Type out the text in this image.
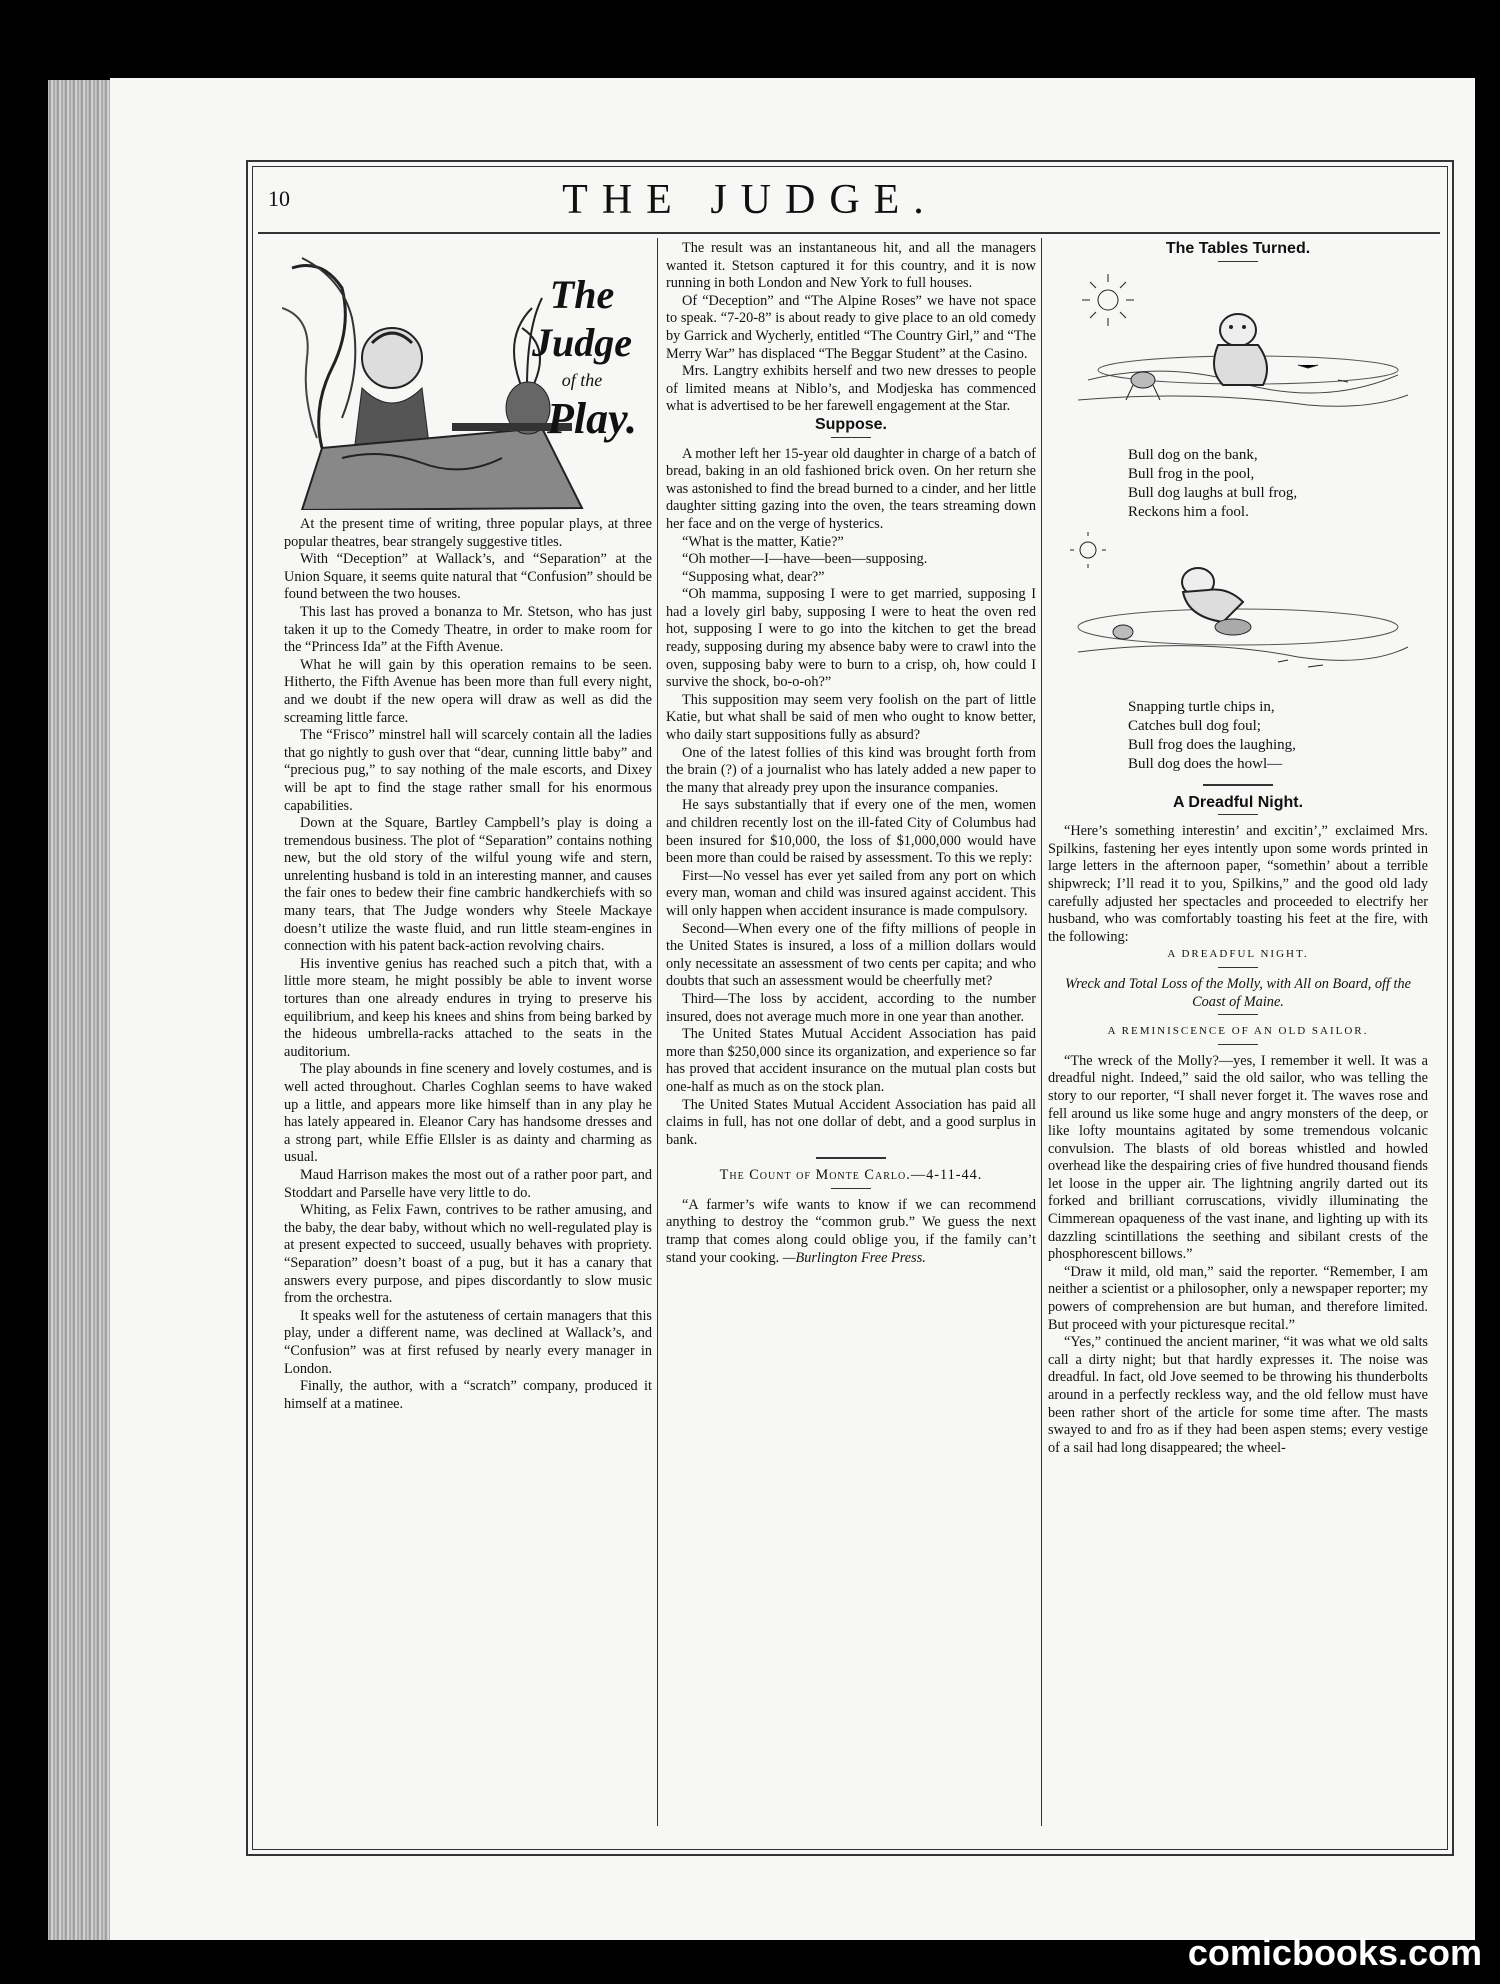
10	THE JUDGE.
The
Judge
of the
Play.

At the present time of writing, three popular plays, at three popular theatres, bear strangely suggestive titles.

With “Deception” at Wallack’s, and “Separation” at the Union Square, it seems quite natural that “Confusion” should be found between the two houses.

This last has proved a bonanza to Mr. Stetson, who has just taken it up to the Comedy Theatre, in order to make room for the “Princess Ida” at the Fifth Avenue.

What he will gain by this operation remains to be seen. Hitherto, the Fifth Avenue has been more than full every night, and we doubt if the new opera will draw as well as did the screaming little farce.

The “Frisco” minstrel hall will scarcely contain all the ladies that go nightly to gush over that “dear, cunning little baby” and “precious pug,” to say nothing of the male escorts, and Dixey will be apt to find the stage rather small for his enormous capabilities.

Down at the Square, Bartley Campbell’s play is doing a tremendous business. The plot of “Separation” contains nothing new, but the old story of the wilful young wife and stern, unrelenting husband is told in an interesting manner, and causes the fair ones to bedew their fine cambric handkerchiefs with so many tears, that The Judge wonders why Steele Mackaye doesn’t utilize the waste fluid, and run little steam-engines in connection with his patent back-action revolving chairs.

His inventive genius has reached such a pitch that, with a little more steam, he might possibly be able to invent worse tortures than one already endures in trying to preserve his equilibrium, and keep his knees and shins from being barked by the hideous umbrella-racks attached to the seats in the auditorium.

The play abounds in fine scenery and lovely costumes, and is well acted throughout. Charles Coghlan seems to have waked up a little, and appears more like himself than in any play he has lately appeared in. Eleanor Cary has handsome dresses and a strong part, while Effie Ellsler is as dainty and charming as usual.

Maud Harrison makes the most out of a rather poor part, and Stoddart and Parselle have very little to do.

Whiting, as Felix Fawn, contrives to be rather amusing, and the baby, the dear baby, without which no well-regulated play is at present expected to succeed, usually behaves with propriety. “Separation” doesn’t boast of a pug, but it has a canary that answers every purpose, and pipes discordantly to slow music from the orchestra.

It speaks well for the astuteness of certain managers that this play, under a different name, was declined at Wallack’s, and “Confusion” was at first refused by nearly every manager in London.

Finally, the author, with a “scratch” company, produced it himself at a matinee.

The result was an instantaneous hit, and all the managers wanted it. Stetson captured it for this country, and it is now running in both London and New York to full houses.

Of “Deception” and “The Alpine Roses” we have not space to speak. “7-20-8” is about ready to give place to an old comedy by Garrick and Wycherly, entitled “The Country Girl,” and “The Merry War” has displaced “The Beggar Student” at the Casino.

Mrs. Langtry exhibits herself and two new dresses to people of limited means at Niblo’s, and Modjeska has commenced what is advertised to be her farewell engagement at the Star.

Suppose.

A mother left her 15-year old daughter in charge of a batch of bread, baking in an old fashioned brick oven. On her return she was astonished to find the bread burned to a cinder, and her little daughter sitting gazing into the oven, the tears streaming down her face and on the verge of hysterics.

“What is the matter, Katie?”

“Oh mother—I—have—been—supposing.

“Supposing what, dear?”

“Oh mamma, supposing I were to get married, supposing I had a lovely girl baby, supposing I were to heat the oven red hot, supposing I were to go into the kitchen to get the bread ready, supposing during my absence baby were to crawl into the oven, supposing baby were to burn to a crisp, oh, how could I survive the shock, bo-o-oh?”

This supposition may seem very foolish on the part of little Katie, but what shall be said of men who ought to know better, who daily start suppositions fully as absurd?

One of the latest follies of this kind was brought forth from the brain (?) of a journalist who has lately added a new paper to the many that already prey upon the insurance companies.

He says substantially that if every one of the men, women and children recently lost on the ill-fated City of Columbus had been insured for $10,000, the loss of $1,000,000 would have been more than could be raised by assessment. To this we reply:

First—No vessel has ever yet sailed from any port on which every man, woman and child was insured against accident. This will only happen when accident insurance is made compulsory.

Second—When every one of the fifty millions of people in the United States is insured, a loss of a million dollars would only necessitate an assessment of two cents per capita; and who doubts that such an assessment would be cheerfully met?

Third—The loss by accident, according to the number insured, does not average much more in one year than another.

The United States Mutual Accident Association has paid more than $250,000 since its organization, and experience so far has proved that accident insurance on the mutual plan costs but one-half as much as on the stock plan.

The United States Mutual Accident Association has paid all claims in full, has not one dollar of debt, and a good surplus in bank.

The Count of Monte Carlo.—4-11-44.

“A farmer’s wife wants to know if we can recommend anything to destroy the “common grub.” We guess the next tramp that comes along could oblige you, if the family can’t stand your cooking. —Burlington Free Press.

The Tables Turned.

Bull dog on the bank,
Bull frog in the pool,
Bull dog laughs at bull frog,
Reckons him a fool.
Snapping turtle chips in,
Catches bull dog foul;
Bull frog does the laughing,
Bull dog does the howl—

A Dreadful Night.

“Here’s something interestin’ and excitin’,” exclaimed Mrs. Spilkins, fastening her eyes intently upon some words printed in large letters in the afternoon paper, “somethin’ about a terrible shipwreck; I’ll read it to you, Spilkins,” and the good old lady carefully adjusted her spectacles and proceeded to electrify her husband, who was comfortably toasting his feet at the fire, with the following:

A DREADFUL NIGHT.

Wreck and Total Loss of the Molly, with All on Board, off the Coast of Maine.

A REMINISCENCE OF AN OLD SAILOR.

“The wreck of the Molly?—yes, I remember it well. It was a dreadful night. Indeed,” said the old sailor, who was telling the story to our reporter, “I shall never forget it. The waves rose and fell around us like some huge and angry monsters of the deep, or like lofty mountains agitated by some tremendous volcanic convulsion. The blasts of old boreas whistled and howled overhead like the despairing cries of five hundred thousand fiends let loose in the upper air. The lightning angrily darted out its forked and brilliant corruscations, vividly illuminating the Cimmerean opaqueness of the vast inane, and lighting up with its dazzling scintillations the seething and sibilant crests of the phosphorescent billows.”

“Draw it mild, old man,” said the reporter. “Remember, I am neither a scientist or a philosopher, only a newspaper reporter; my powers of comprehension are but human, and therefore limited. But proceed with your picturesque recital.”

“Yes,” continued the ancient mariner, “it was what we old salts call a dirty night; but that hardly expresses it. The noise was dreadful. In fact, old Jove seemed to be throwing his thunderbolts around in a perfectly reckless way, and the old fellow must have been rather short of the article for some time after. The masts swayed to and fro as if they had been aspen stems; every vestige of a sail had long disappeared; the wheel-

comicbooks.com
